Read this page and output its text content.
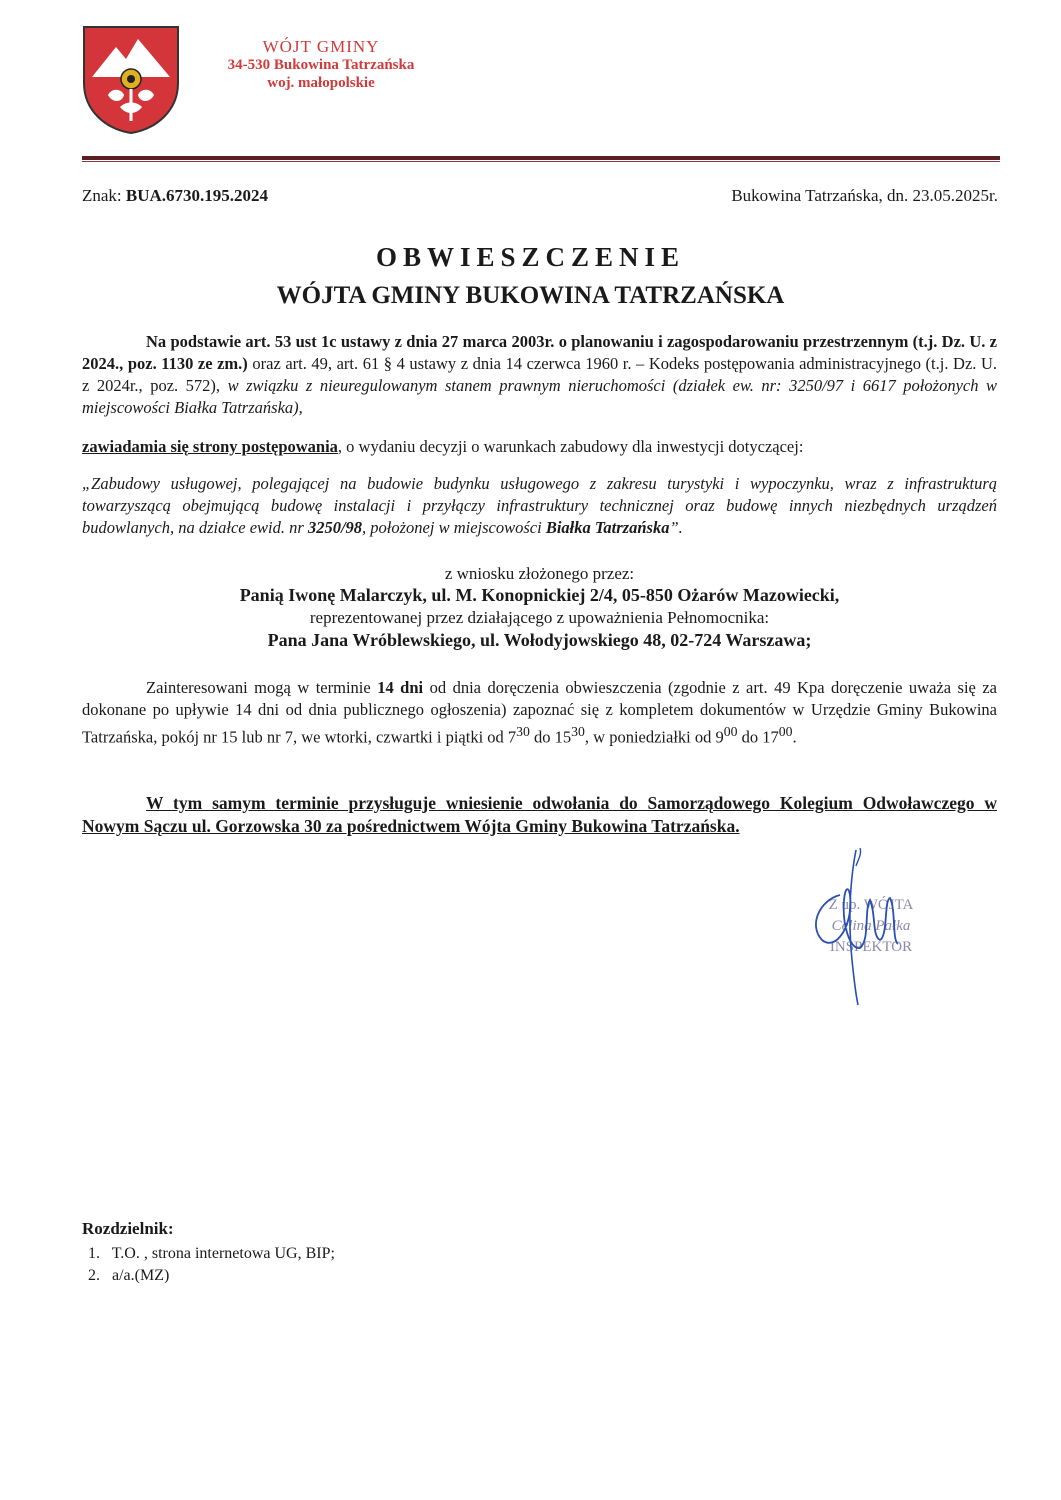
WÓJT GMINY
34-530 Bukowina Tatrzańska
woj. małopolskie
Znak: BUA.6730.195.2024	Bukowina Tatrzańska, dn. 23.05.2025r.
OBWIESZCZENIE
WÓJTA GMINY BUKOWINA TATRZAŃSKA
Na podstawie art. 53 ust 1c ustawy z dnia 27 marca 2003r. o planowaniu i zagospodarowaniu przestrzennym (t.j. Dz. U. z 2024., poz. 1130 ze zm.) oraz art. 49, art. 61 § 4 ustawy z dnia 14 czerwca 1960 r. – Kodeks postępowania administracyjnego (t.j. Dz. U. z 2024r., poz. 572), w związku z nieuregulowanym stanem prawnym nieruchomości (działek ew. nr: 3250/97 i 6617 położonych w miejscowości Białka Tatrzańska),
zawiadamia się strony postępowania, o wydaniu decyzji o warunkach zabudowy dla inwestycji dotyczącej:
„Zabudowy usługowej, polegającej na budowie budynku usługowego z zakresu turystyki i wypoczynku, wraz z infrastrukturą towarzyszącą obejmującą budowę instalacji i przyłączy infrastruktury technicznej oraz budowę innych niezbędnych urządzeń budowlanych, na działce ewid. nr 3250/98, położonej w miejscowości Białka Tatrzańska”.
z wniosku złożonego przez:
Panią Iwonę Malarczyk, ul. M. Konopnickiej 2/4, 05-850 Ożarów Mazowiecki,
reprezentowanej przez działającego z upoważnienia Pełnomocnika:
Pana Jana Wróblewskiego, ul. Wołodyjowskiego 48, 02-724 Warszawa;
Zainteresowani mogą w terminie 14 dni od dnia doręczenia obwieszczenia (zgodnie z art. 49 Kpa doręczenie uważa się za dokonane po upływie 14 dni od dnia publicznego ogłoszenia) zapoznać się z kompletem dokumentów w Urzędzie Gminy Bukowina Tatrzańska, pokój nr 15 lub nr 7, we wtorki, czwartki i piątki od $7^{30}$ do $15^{30}$, w poniedziałki od $9^{00}$ do $17^{00}$.
W tym samym terminie przysługuje wniesienie odwołania do Samorządowego Kolegium Odwoławczego w Nowym Sączu ul. Gorzowska 30 za pośrednictwem Wójta Gminy Bukowina Tatrzańska.
Z up. WÓJTA
Celina Pałka
INSPEKTOR
Rozdzielnik:
1. T.O. , strona internetowa UG, BIP;
2. a/a.(MZ)
